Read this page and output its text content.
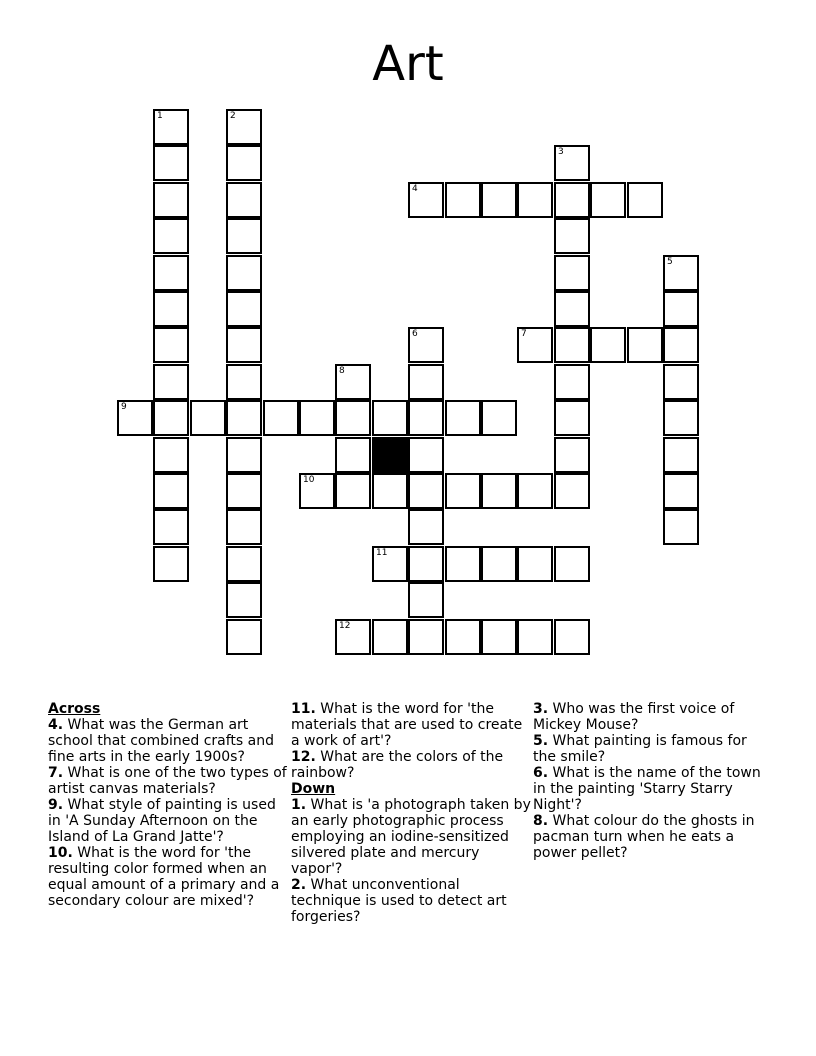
Art
1	2
3
4
5
6	7
8
9
10
11
12
Across
4. What was the German art school that combined crafts and fine arts in the early 1900s?
7. What is one of the two types of artist canvas materials?
9. What style of painting is used in 'A Sunday Afternoon on the Island of La Grand Jatte'?
10. What is the word for 'the resulting color formed when an equal amount of a primary and a secondary colour are mixed'?
11. What is the word for 'the materials that are used to create a work of art'?
12. What are the colors of the rainbow?
Down
1. What is 'a photograph taken by an early photographic process employing an iodine-sensitized silvered plate and mercury vapor'?
2. What unconventional technique is used to detect art forgeries?
3. Who was the first voice of Mickey Mouse?
5. What painting is famous for the smile?
6. What is the name of the town in the painting 'Starry Starry Night'?
8. What colour do the ghosts in pacman turn when he eats a power pellet?
